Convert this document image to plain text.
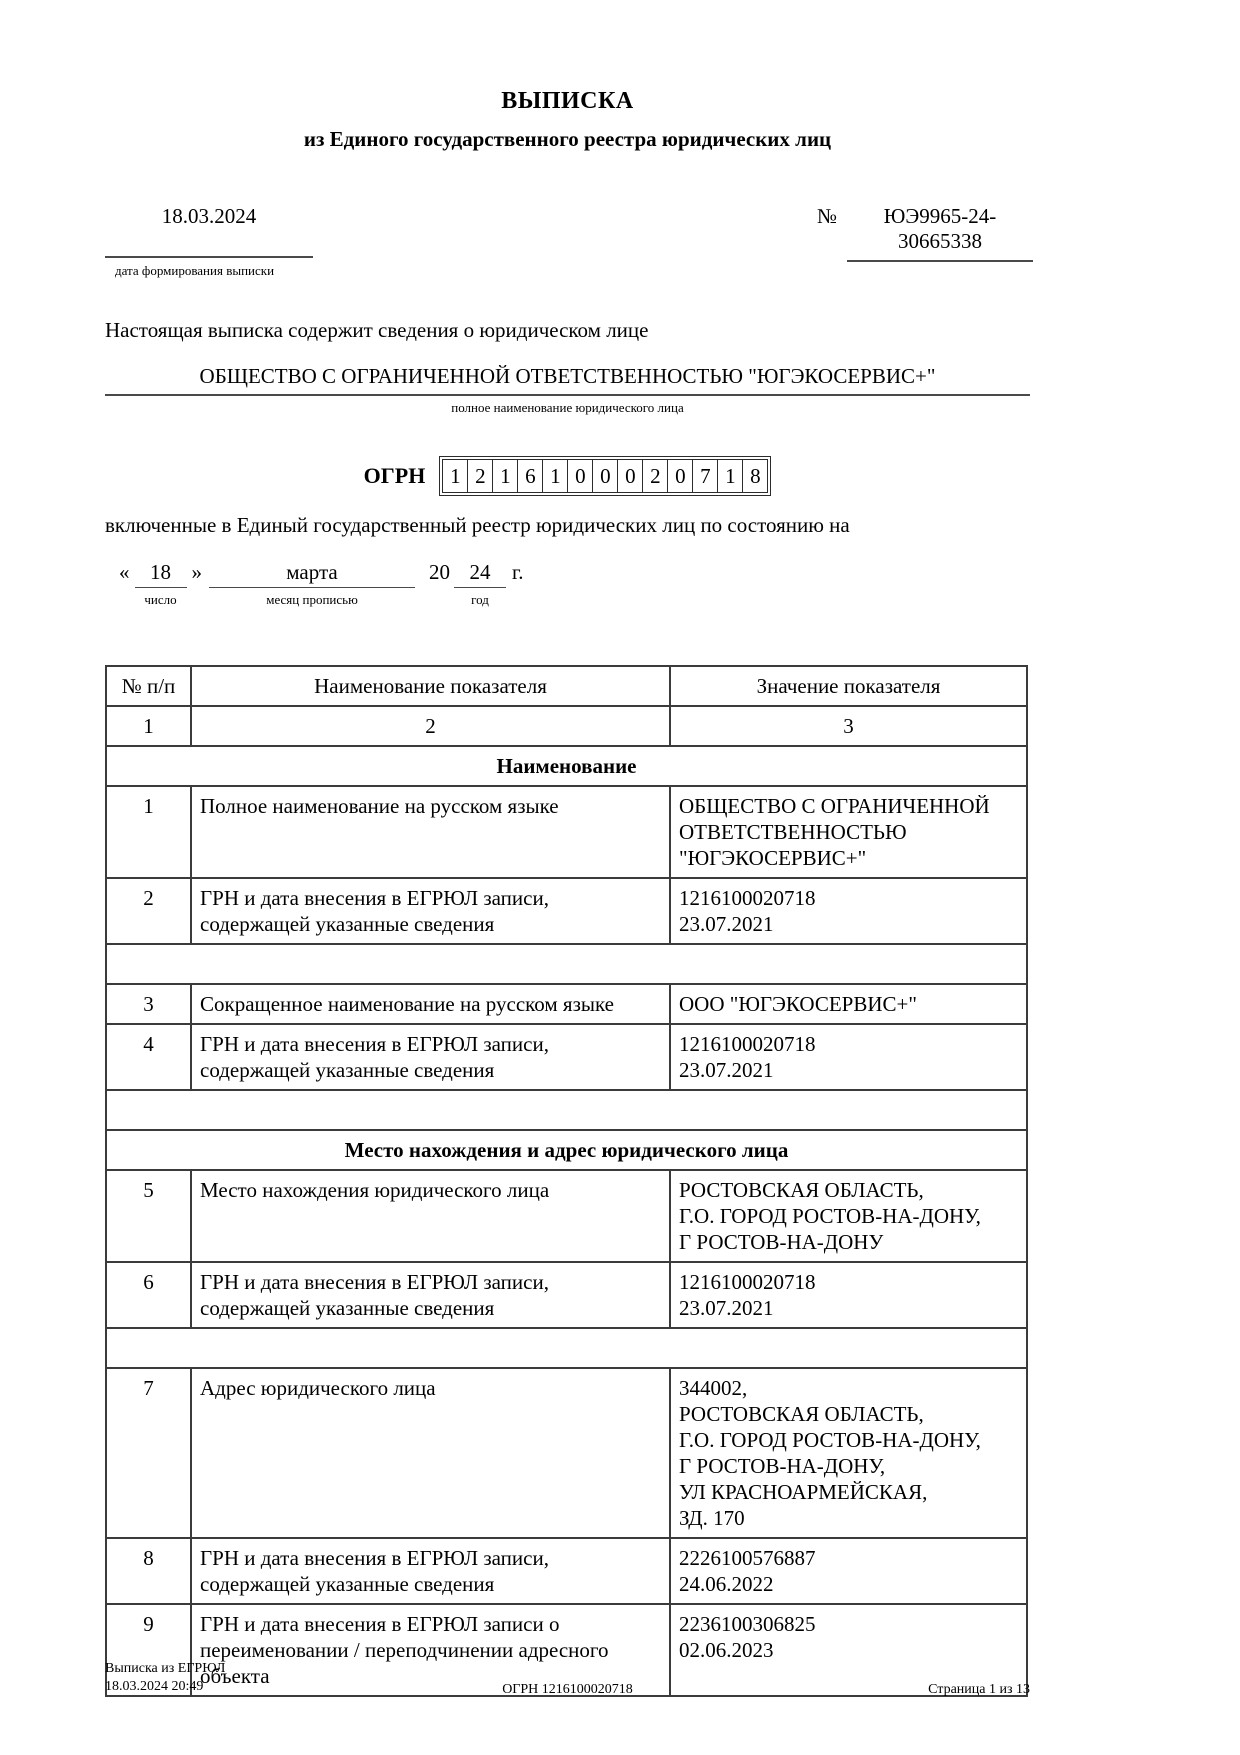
ВЫПИСКА
из Единого государственного реестра юридических лиц
18.03.2024
дата формирования выписки
№	ЮЭ9965-24-
30665338
Настоящая выписка содержит сведения о юридическом лице
ОБЩЕСТВО С ОГРАНИЧЕННОЙ ОТВЕТСТВЕННОСТЬЮ "ЮГЭКОСЕРВИС+"
полное наименование юридического лица
ОГРН	1 2 1 6 1 0 0 0 2 0 7 1 8
включенные в Единый государственный реестр юридических лиц по состоянию на
« 18
число
»	марта
месяц прописью
20 24
год
г.
№ п/п	Наименование показателя	Значение показателя
1	2	3
Наименование		
1	Полное наименование на русском языке	ОБЩЕСТВО С ОГРАНИЧЕННОЙ
ОТВЕТСТВЕННОСТЬЮ
"ЮГЭКОСЕРВИС+"

2	ГРН и дата внесения в ЕГРЮЛ записи, содержащей указанные сведения	1216100020718
23.07.2021

3	Сокращенное наименование на русском языке	ООО "ЮГЭКОСЕРВИС+"

4	ГРН и дата внесения в ЕГРЮЛ записи, содержащей указанные сведения	1216100020718
23.07.2021

Место нахождения и адрес юридического лица		
5	Место нахождения юридического лица	РОСТОВСКАЯ ОБЛАСТЬ,
Г.О. ГОРОД РОСТОВ-НА-ДОНУ,
Г РОСТОВ-НА-ДОНУ

6	ГРН и дата внесения в ЕГРЮЛ записи, содержащей указанные сведения	1216100020718
23.07.2021

7	Адрес юридического лица	344002,
РОСТОВСКАЯ ОБЛАСТЬ,
Г.О. ГОРОД РОСТОВ-НА-ДОНУ,
Г РОСТОВ-НА-ДОНУ,
УЛ КРАСНОАРМЕЙСКАЯ,
ЗД. 170

8	ГРН и дата внесения в ЕГРЮЛ записи, содержащей указанные сведения	2226100576887
24.06.2022

9	ГРН и дата внесения в ЕГРЮЛ записи о переименовании / переподчинении адресного объекта	2236100306825
02.06.2023
Выписка из ЕГРЮЛ
18.03.2024 20:49	ОГРН 1216100020718	Страница 1 из 13
